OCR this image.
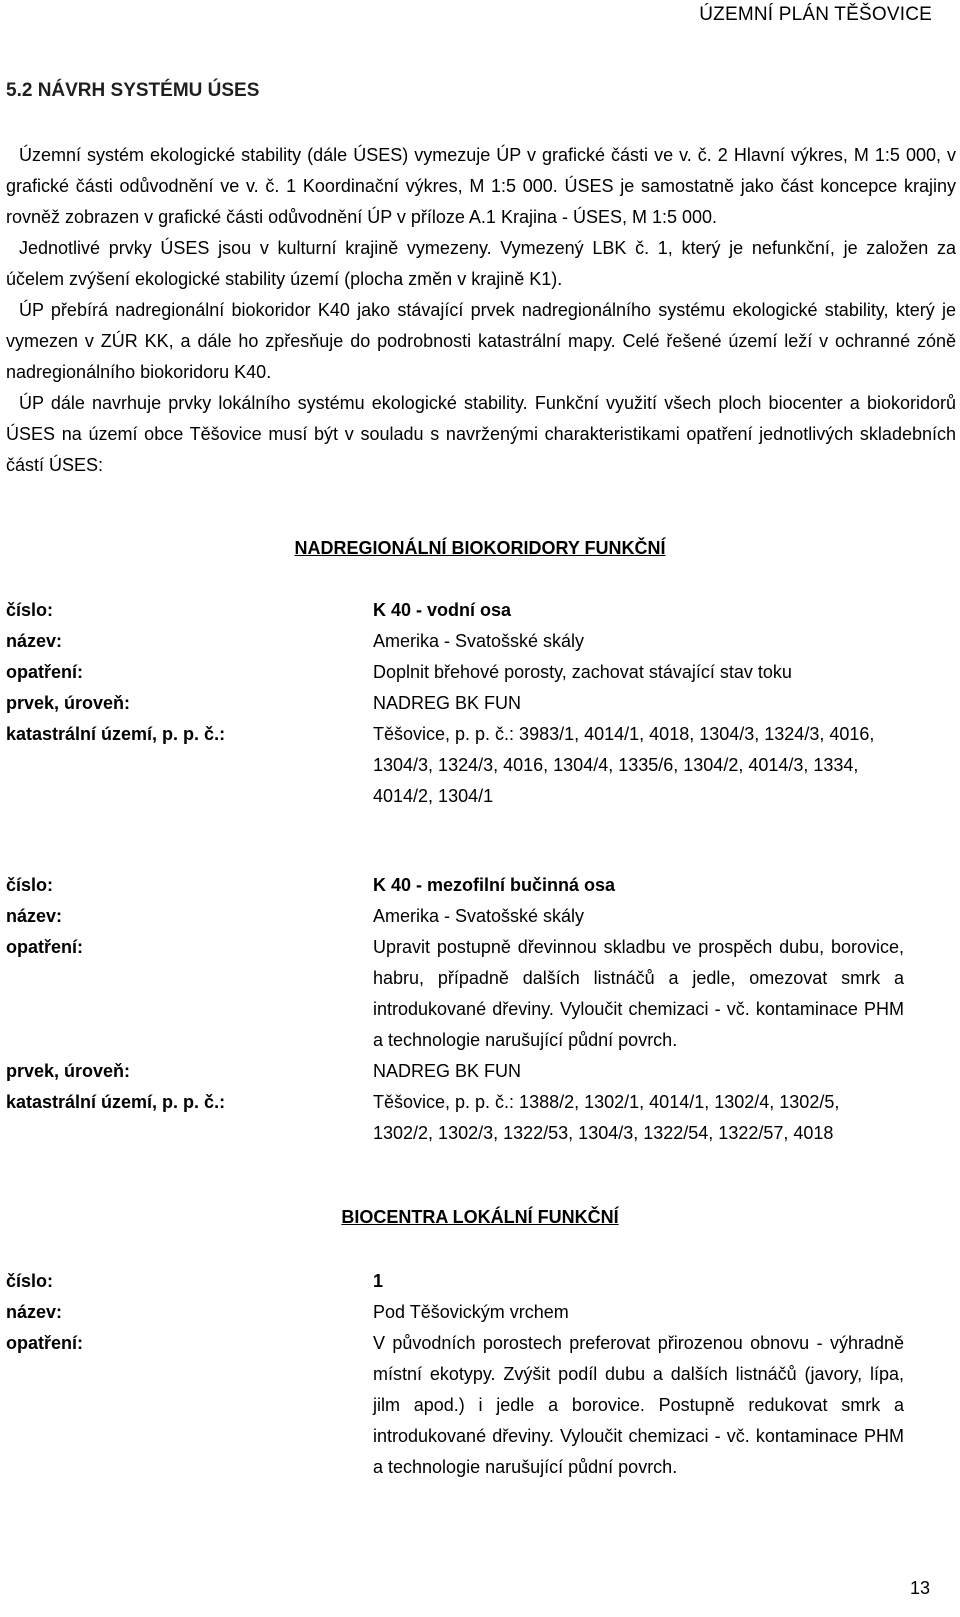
ÚZEMNÍ PLÁN TĚŠOVICE
5.2 NÁVRH SYSTÉMU ÚSES

Územní systém ekologické stability (dále ÚSES) vymezuje ÚP v grafické části ve v. č. 2 Hlavní výkres, M 1:5 000, v grafické části odůvodnění ve v. č. 1 Koordinační výkres, M 1:5 000. ÚSES je samostatně jako část koncepce krajiny rovněž zobrazen v grafické části odůvodnění ÚP v příloze A.1 Krajina - ÚSES, M 1:5 000.

Jednotlivé prvky ÚSES jsou v kulturní krajině vymezeny. Vymezený LBK č. 1, který je nefunkční, je založen za účelem zvýšení ekologické stability území (plocha změn v krajině K1).

ÚP přebírá nadregionální biokoridor K40 jako stávající prvek nadregionálního systému ekologické stability, který je vymezen v ZÚR KK, a dále ho zpřesňuje do podrobnosti katastrální mapy. Celé řešené území leží v ochranné zóně nadregionálního biokoridoru K40.

ÚP dále navrhuje prvky lokálního systému ekologické stability. Funkční využití všech ploch biocenter a biokoridorů ÚSES na území obce Těšovice musí být v souladu s navrženými charakteristikami opatření jednotlivých skladebních částí ÚSES:

NADREGIONÁLNÍ BIOKORIDORY FUNKČNÍ
číslo:	K 40 - vodní osa
název:	Amerika - Svatošské skály
opatření:	Doplnit břehové porosty, zachovat stávající stav toku
prvek, úroveň:	NADREG BK FUN
katastrální území, p. p. č.:	Těšovice, p. p. č.: 3983/1, 4014/1, 4018, 1304/3, 1324/3, 4016, 1304/3, 1324/3, 4016, 1304/4, 1335/6, 1304/2, 4014/3, 1334, 4014/2, 1304/1
číslo:	K 40 - mezofilní bučinná osa
název:	Amerika - Svatošské skály
opatření:	Upravit postupně dřevinnou skladbu ve prospěch dubu, borovice, habru, případně dalších listnáčů a jedle, omezovat smrk a introdukované dřeviny. Vyloučit chemizaci - vč. kontaminace PHM a technologie narušující půdní povrch.
prvek, úroveň:	NADREG BK FUN
katastrální území, p. p. č.:	Těšovice, p. p. č.: 1388/2, 1302/1, 4014/1, 1302/4, 1302/5, 1302/2, 1302/3, 1322/53, 1304/3, 1322/54, 1322/57, 4018
BIOCENTRA LOKÁLNÍ FUNKČNÍ
číslo:	1
název:	Pod Těšovickým vrchem
opatření:	V původních porostech preferovat přirozenou obnovu - výhradně místní ekotypy. Zvýšit podíl dubu a dalších listnáčů (javory, lípa, jilm apod.) i jedle a borovice. Postupně redukovat smrk a introdukované dřeviny. Vyloučit chemizaci - vč. kontaminace PHM a technologie narušující půdní povrch.
13
